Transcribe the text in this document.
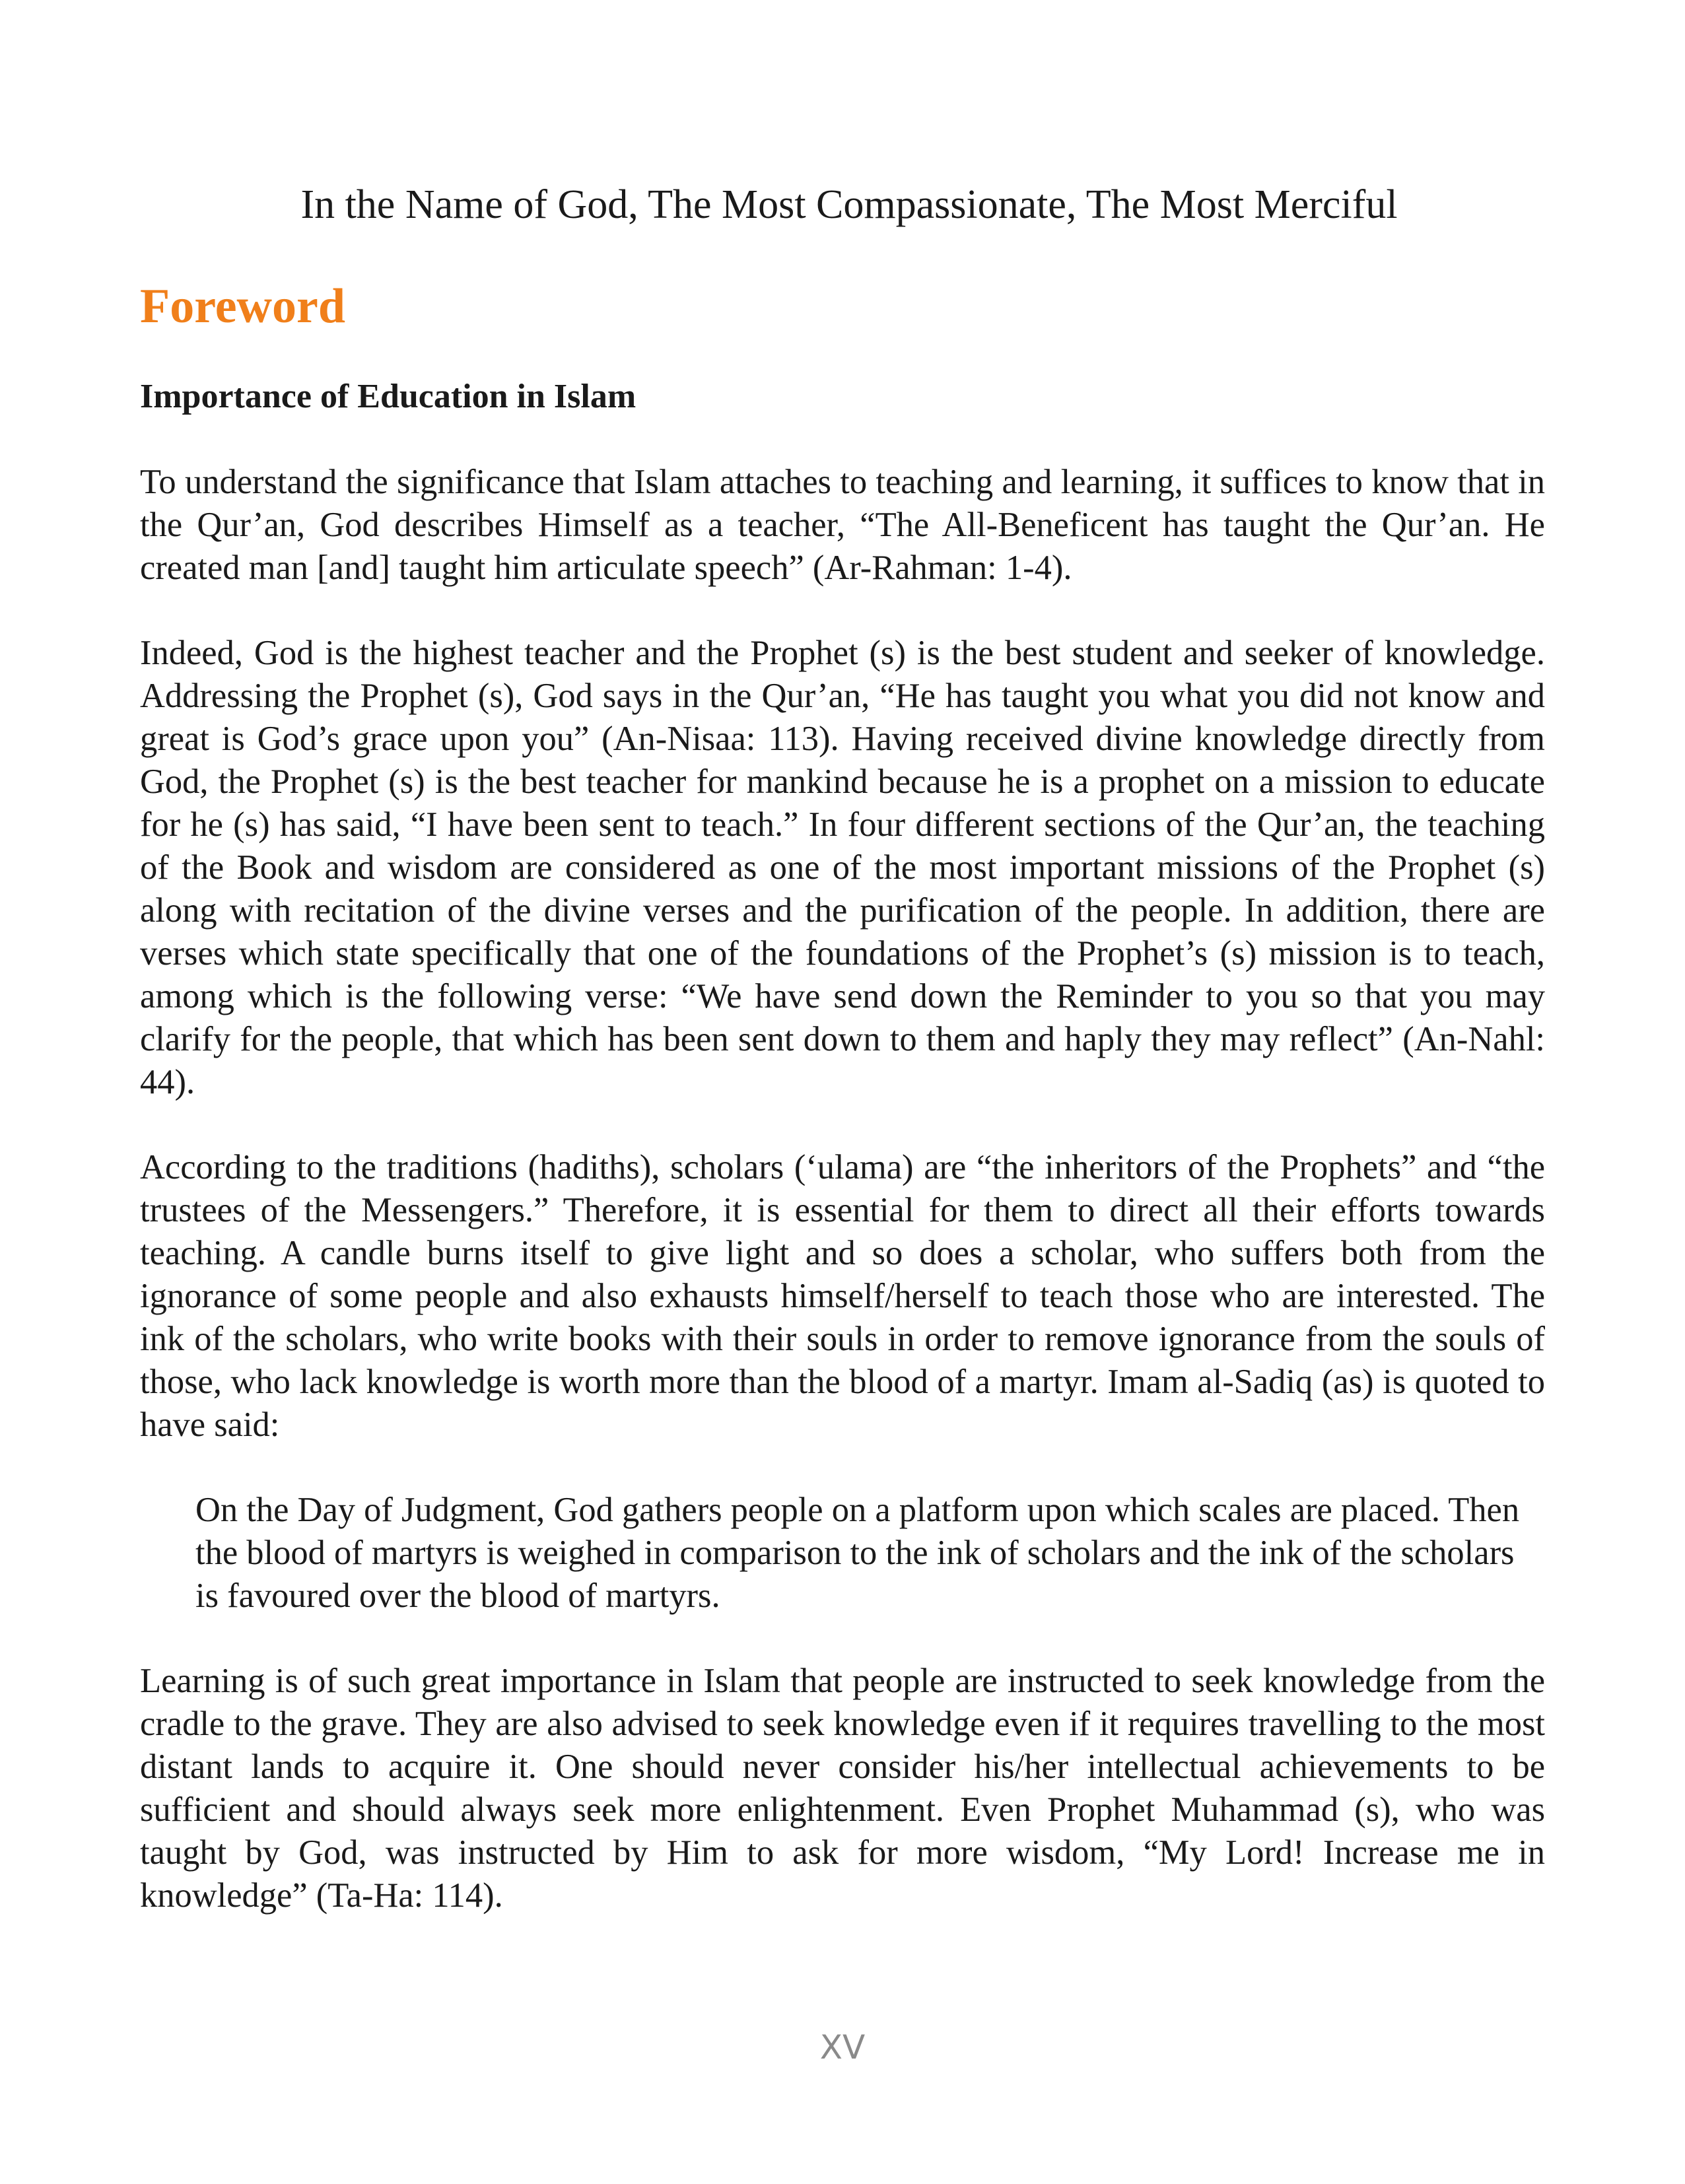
In the Name of God, The Most Compassionate, The Most Merciful

Foreword
Importance of Education in Islam

To understand the significance that Islam attaches to teaching and learning, it suffices to know that in the Qur’an, God describes Himself as a teacher, “The All-Beneficent has taught the Qur’an. He created man [and] taught him articulate speech” (Ar-Rahman: 1-4).

Indeed, God is the highest teacher and the Prophet (s) is the best student and seeker of knowledge. Addressing the Prophet (s), God says in the Qur’an, “He has taught you what you did not know and great is God’s grace upon you” (An-Nisaa: 113). Having received divine knowledge directly from God, the Prophet (s) is the best teacher for mankind because he is a prophet on a mission to educate for he (s) has said, “I have been sent to teach.” In four different sections of the Qur’an, the teaching of the Book and wisdom are considered as one of the most important missions of the Prophet (s) along with recitation of the divine verses and the purification of the people. In addition, there are verses which state specifically that one of the foundations of the Prophet’s (s) mission is to teach, among which is the following verse: “We have send down the Reminder to you so that you may clarify for the people, that which has been sent down to them and haply they may reflect” (An-Nahl: 44).

According to the traditions (hadiths), scholars (‘ulama) are “the inheritors of the Prophets” and “the trustees of the Messengers.” Therefore, it is essential for them to direct all their efforts towards teaching. A candle burns itself to give light and so does a scholar, who suffers both from the ignorance of some people and also exhausts himself/herself to teach those who are interested. The ink of the scholars, who write books with their souls in order to remove ignorance from the souls of those, who lack knowledge is worth more than the blood of a martyr. Imam al-Sadiq (as) is quoted to have said:

On the Day of Judgment, God gathers people on a platform upon which scales are placed. Then the blood of martyrs is weighed in comparison to the ink of scholars and the ink of the scholars is favoured over the blood of martyrs.

Learning is of such great importance in Islam that people are instructed to seek knowledge from the cradle to the grave. They are also advised to seek knowledge even if it requires travelling to the most distant lands to acquire it. One should never consider his/her intellectual achievements to be sufficient and should always seek more enlightenment. Even Prophet Muhammad (s), who was taught by God, was instructed by Him to ask for more wisdom, “My Lord! Increase me in knowledge” (Ta-Ha: 114).

XV
